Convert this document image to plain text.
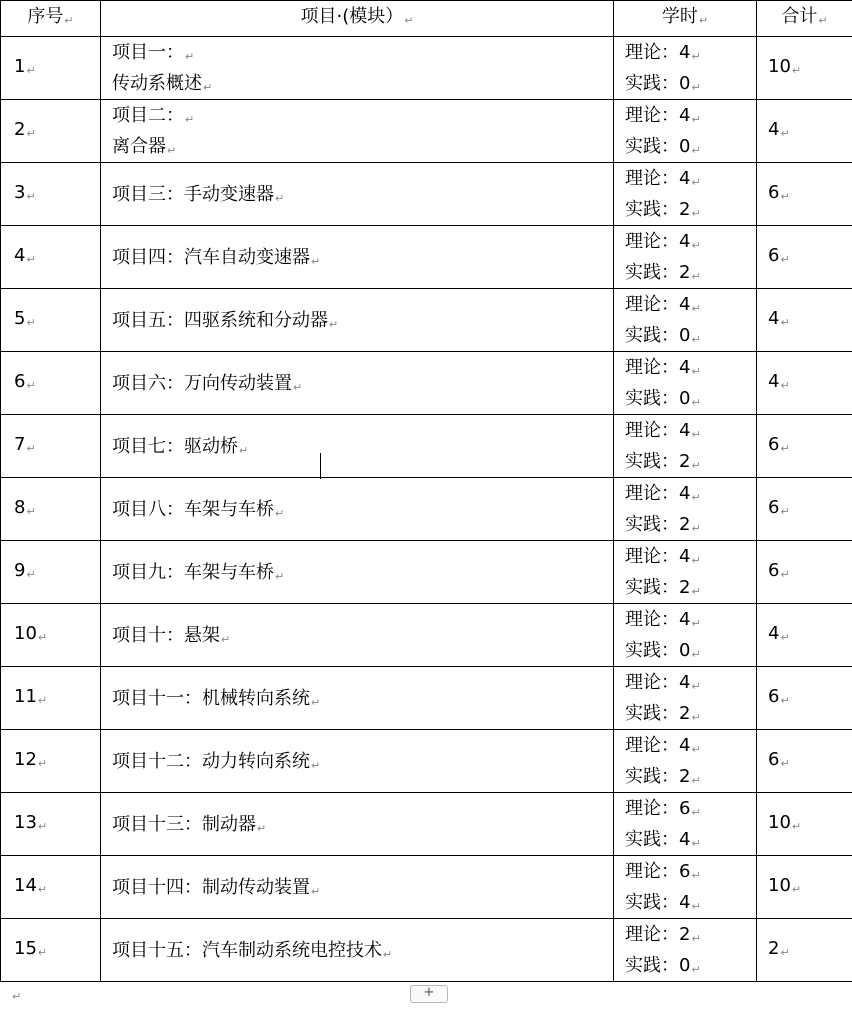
序号↵	项目·(模块）↵	学时↵	合计↵
1↵	项目一：↵
传动系概述↵	理论：4↵
实践：0↵	10↵
2↵	项目二：↵
离合器↵	理论：4↵
实践：0↵	4↵
3↵	项目三：手动变速器↵	理论：4↵
实践：2↵	6↵
4↵	项目四：汽车自动变速器↵	理论：4↵
实践：2↵	6↵
5↵	项目五：四驱系统和分动器↵	理论：4↵
实践：0↵	4↵
6↵	项目六：万向传动装置↵	理论：4↵
实践：0↵	4↵
7↵	项目七：驱动桥↵	理论：4↵
实践：2↵	6↵
8↵	项目八：车架与车桥↵	理论：4↵
实践：2↵	6↵
9↵	项目九：车架与车桥↵	理论：4↵
实践：2↵	6↵
10↵	项目十：悬架↵	理论：4↵
实践：0↵	4↵
11↵	项目十一：机械转向系统↵	理论：4↵
实践：2↵	6↵
12↵	项目十二：动力转向系统↵	理论：4↵
实践：2↵	6↵
13↵	项目十三：制动器↵	理论：6↵
实践：4↵	10↵
14↵	项目十四：制动传动装置↵	理论：6↵
实践：4↵	10↵
15↵	项目十五：汽车制动系统电控技术↵	理论：2↵
实践：0↵	2↵
↵	+
